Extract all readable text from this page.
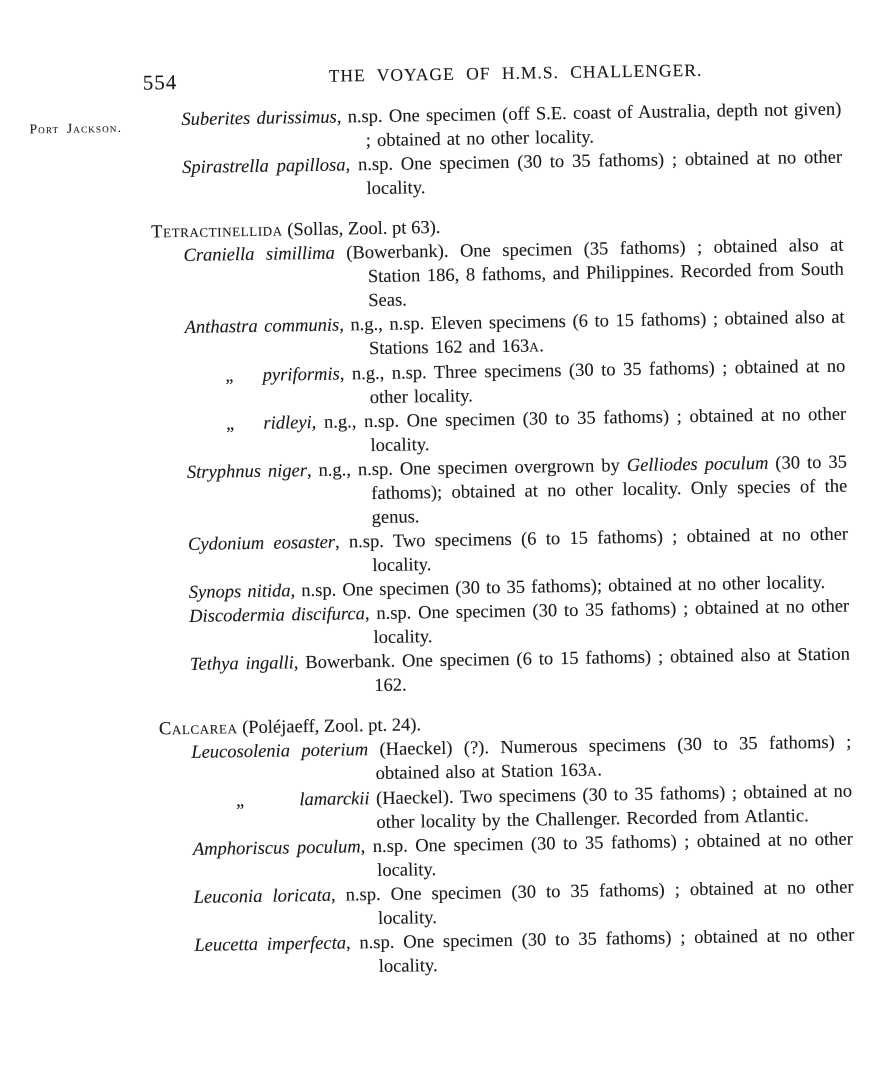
554	THE VOYAGE OF H.M.S. CHALLENGER.
Port Jackson.	Suberites durissimus, n.sp. One specimen (off S.E. coast of Australia, depth not given) ; obtained at no other locality.

Spirastrella papillosa, n.sp. One specimen (30 to 35 fathoms) ; obtained at no other locality.

Tetractinellida (Sollas, Zool. pt 63).

Craniella simillima (Bowerbank). One specimen (35 fathoms) ; obtained also at Station 186, 8 fathoms, and Philippines. Recorded from South Seas.

Anthastra communis, n.g., n.sp. Eleven specimens (6 to 15 fathoms) ; obtained also at Stations 162 and 163A.

,, pyriformis, n.g., n.sp. Three specimens (30 to 35 fathoms) ; obtained at no other locality.

,, ridleyi, n.g., n.sp. One specimen (30 to 35 fathoms) ; obtained at no other locality.

Stryphnus niger, n.g., n.sp. One specimen overgrown by Gelliodes poculum (30 to 35 fathoms); obtained at no other locality. Only species of the genus.

Cydonium eosaster, n.sp. Two specimens (6 to 15 fathoms) ; obtained at no other locality.

Synops nitida, n.sp. One specimen (30 to 35 fathoms); obtained at no other locality.

Discodermia discifurca, n.sp. One specimen (30 to 35 fathoms) ; obtained at no other locality.

Tethya ingalli, Bowerbank. One specimen (6 to 15 fathoms) ; obtained also at Station 162.

Calcarea (Poléjaeff, Zool. pt. 24).

Leucosolenia poterium (Haeckel) (?). Numerous specimens (30 to 35 fathoms) ; obtained also at Station 163A.

,,	lamarckii (Haeckel). Two specimens (30 to 35 fathoms) ; obtained at no other locality by the Challenger. Recorded from Atlantic.

Amphoriscus poculum, n.sp. One specimen (30 to 35 fathoms) ; obtained at no other locality.

Leuconia loricata, n.sp. One specimen (30 to 35 fathoms) ; obtained at no other locality.

Leucetta imperfecta, n.sp. One specimen (30 to 35 fathoms) ; obtained at no other locality.
